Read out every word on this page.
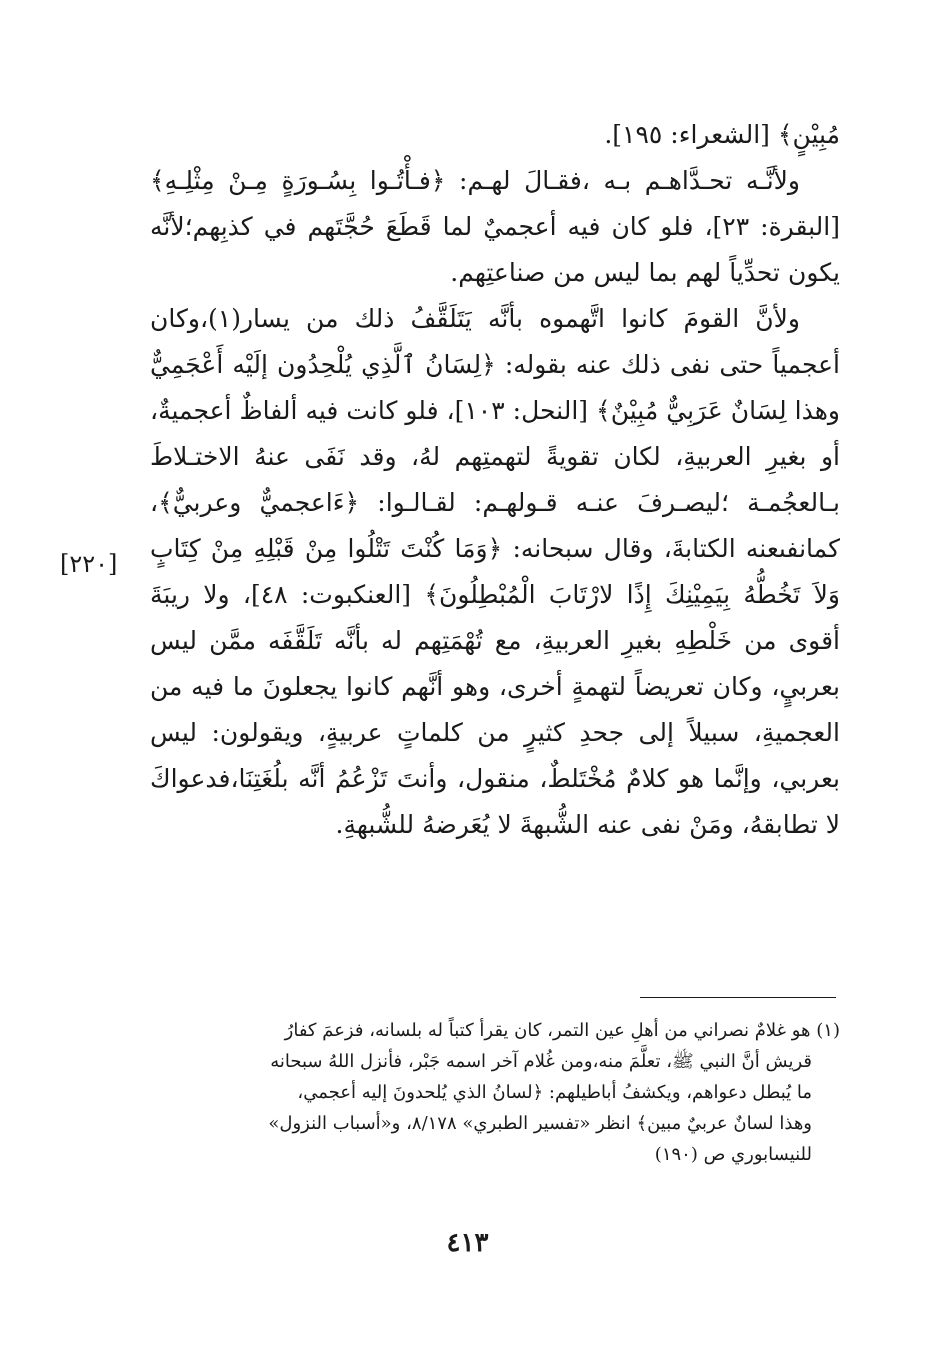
مُبِيْنٍ﴾ [الشعراء: ١٩٥].

ولأنَّـه تحـدَّاهـم بـه ،فقـالَ لهـم: ﴿فـأْتُـوا بِسُـورَةٍ مِـنْ مِثْلِـهِ﴾ [البقرة: ٢٣]، فلو كان فيه أعجميٌ لما قَطَعَ حُجَّتَهم في كذبِهم؛لأنَّه يكون تحدِّياً لهم بما ليس من صناعتِهم.

ولأنَّ القومَ كانوا اتَّهموه بأنَّه يَتَلَقَّفُ ذلك من يسار(١)،وكان أعجمياً حتى نفى ذلك عنه بقوله: ﴿لِسَانُ ٱلَّذِي يُلْحِدُون إلَيْه أَعْجَمِيٌّ وهذا لِسَانٌ عَرَبِيٌّ مُبِيْنٌ﴾ [النحل: ١٠٣]، فلو كانت فيه ألفاظٌ أعجميةٌ، أو بغيرِ العربيةِ، لكان تقويةً لتهمتِهم لهُ، وقد نَفَى عنهُ الاختـلاطَ بـالعجُمـة ؛ليصـرفَ عنـه قـولهـم: لقـالـوا: ﴿ءَاعجميٌّ وعربيٌّ﴾، كمانفىعنه الكتابةَ، وقال سبحانه: ﴿وَمَا كُنْتَ تَتْلُوا مِنْ قَبْلِهِ مِنْ كِتَابٍ وَلاَ تَخُطُّهُ بِيَمِيْنِكَ إِذًا لارْتَابَ الْمُبْطِلُونَ﴾ [العنكبوت: ٤٨]، ولا ريبَةَ أقوى من خَلْطِهِ بغيرِ العربيةِ، مع تُهْمَتِهم له بأنَّه تَلَقَّفَه ممَّن ليس بعربيٍ، وكان تعريضاً لتهمةٍ أخرى، وهو أنَّهم كانوا يجعلونَ ما فيه من العجميةِ، سبيلاً إلى جحدِ كثيرٍ من كلماتٍ عربيةٍ، ويقولون: ليس بعربي، وإنَّما هو كلامٌ مُخْتَلطٌ، منقول، وأنتَ تَزْعُمُ أنَّه بلُغَتِنَا،فدعواكَ لا تطابقهُ، ومَنْ نفى عنه الشُّبهةَ لا يُعَرضهُ للشُّبهةِ.

[٢٢٠]
(١) هو غلامٌ نصراني من أهلِ عين التمر، كان يقرأ كتباً له بلسانه، فزعمَ كفارُ
قريش أنَّ النبي ﷺ، تعلَّمَ منه،ومن غُلام آخر اسمه جَبْر، فأنزل اللهُ سبحانه
ما يُبطل دعواهم، ويكشفُ أباطيلهم: ﴿لسانُ الذي يُلحدونَ إليه أعجمي،
وهذا لسانٌ عربيٌ مبين﴾ انظر «تفسير الطبري» ٨/١٧٨، و«أسباب النزول»
للنيسابوري ص (١٩٠)
٤١٣
